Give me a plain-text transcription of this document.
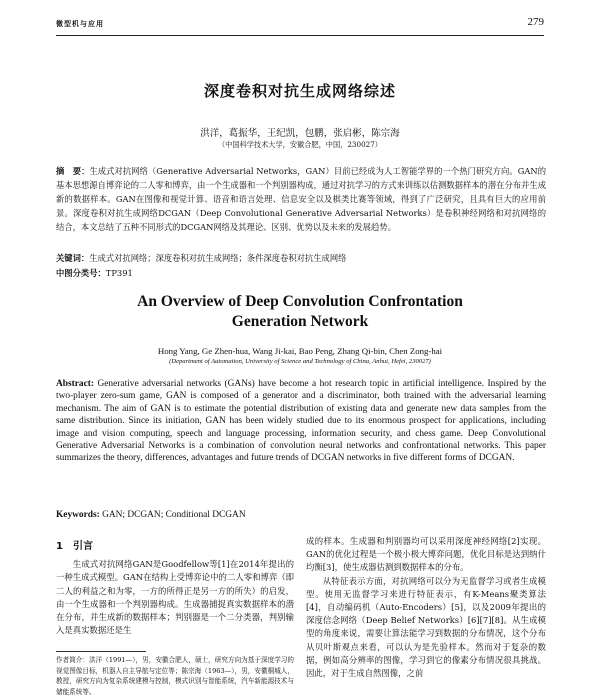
微型机与应用	279
深度卷积对抗生成网络综述
洪洋，葛振华，王纪凯，包鹏，张启彬，陈宗海
（中国科学技术大学，安徽合肥，中国，230027）
摘　要：生成式对抗网络（Generative Adversarial Networks，GAN）目前已经成为人工智能学界的一个热门研究方向。GAN的基本思想源自博弈论的二人零和博弈，由一个生成器和一个判别器构成，通过对抗学习的方式来训练以估测数据样本的潜在分布并生成新的数据样本。GAN在图像和视觉计算、语音和语言处理、信息安全以及棋类比赛等领域，得到了广泛研究，且具有巨大的应用前景。深度卷积对抗生成网络DCGAN（Deep Convolutional Generative Adversarial Networks）是卷积神经网络和对抗网络的结合，本文总结了五种不同形式的DCGAN网络及其理论、区别、优势以及未来的发展趋势。
关键词：生成式对抗网络；深度卷积对抗生成网络；条件深度卷积对抗生成网络
中图分类号：TP391
An Overview of Deep Convolution Confrontation
Generation Network
Hong Yang, Ge Zhen-hua, Wang Ji-kai, Bao Peng, Zhang Qi-bin, Chen Zong-hai
(Department of Automation, University of Science and Technology of China, Anhui, Hefei, 230027)
Abstract: Generative adversarial networks (GANs) have become a hot research topic in artificial intelligence. Inspired by the two-player zero-sum game, GAN is composed of a generator and a discriminator, both trained with the adversarial learning mechanism. The aim of GAN is to estimate the potential distribution of existing data and generate new data samples from the same distribution. Since its initiation, GAN has been widely studied due to its enormous prospect for applications, including image and vision computing, speech and language processing, information security, and chess game. Deep Convolutional Generative Adversarial Networks is a combination of convolution neural networks and confrontational networks. This paper summarizes the theory, differences, advantages and future trends of DCGAN networks in five different forms of DCGAN.
Keywords: GAN; DCGAN; Conditional DCGAN
1 引言

生成式对抗网络GAN是Goodfellow等[1]在2014年提出的一种生成式模型。GAN在结构上受博弈论中的二人零和博弈（即二人的利益之和为零，一方的所得正是另一方的所失）的启发，由一个生成器和一个判别器构成。生成器捕捉真实数据样本的潜在分布，并生成新的数据样本；判别器是一个二分类器，判别输入是真实数据还是生

成的样本。生成器和判别器均可以采用深度神经网络[2]实现。GAN的优化过程是一个极小极大博弈问题，优化目标是达到纳什均衡[3]，使生成器估测到数据样本的分布。

从特征表示方面，对抗网络可以分为无监督学习或者生成模型。使用无监督学习来进行特征表示，有K-Means聚类算法[4]，自动编码机（Auto-Encoders）[5]，以及2009年提出的深度信念网络（Deep Belief Networks）[6][7][8]。从生成模型的角度来说，需要让算法能学习到数据的分布情况，这个分布从贝叶斯观点来看，可以认为是先验样本。然而对于复杂的数据，例如高分辨率的图像，学习到它的像素分布情况很具挑战。因此，对于生成自然图像，之前

作者简介：洪洋（1991—），男，安徽合肥人，硕士，研究方向为基于深度学习的视觉图像目标，机器人自主导航与定位等；陈宗海（1963—），男，安徽桐城人，教授，研究方向为复杂系统建模与控制，模式识别与智能系统，汽车新能源技术与储能系统等。
